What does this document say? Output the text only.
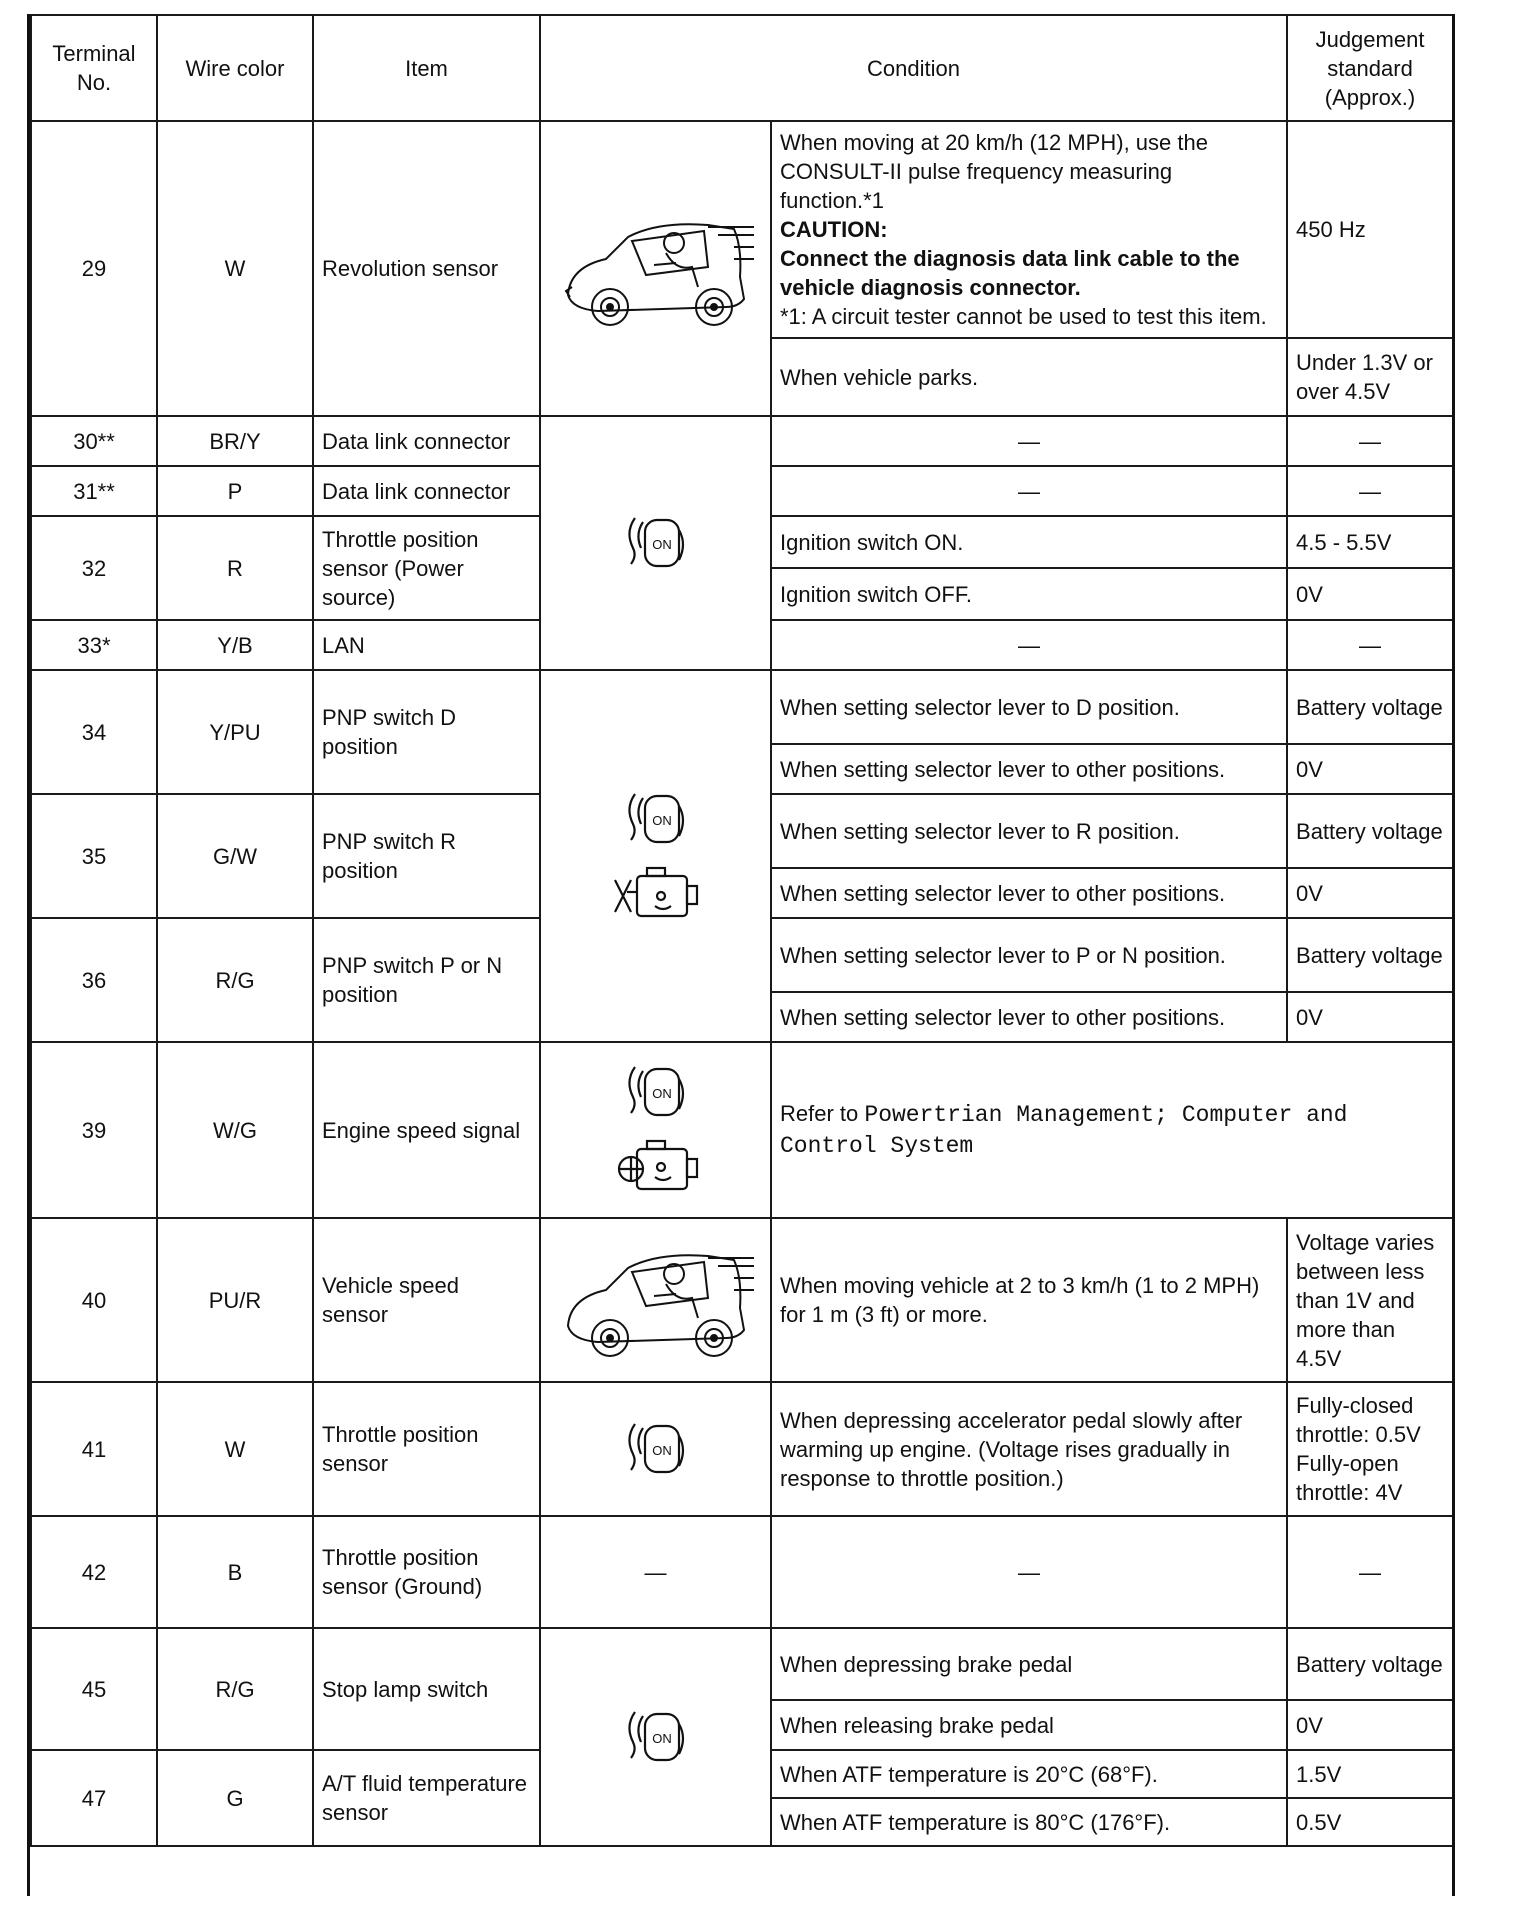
Terminal No.	Wire color	Item	Condition		Judgement standard (Approx.)
29	W	Revolution sensor		When moving at 20 km/h (12 MPH), use the CONSULT-II pulse frequency measuring function.*1
CAUTION:
Connect the diagnosis data link cable to the vehicle diagnosis connector.
*1: A circuit tester cannot be used to test this item.	450 Hz
				When vehicle parks.	Under 1.3V or over 4.5V
30**	BR/Y	Data link connector	ON	—	—
31**	P	Data link connector		—	—
32	R	Throttle position sensor (Power source)		Ignition switch ON.	4.5 - 5.5V
				Ignition switch OFF.	0V
33*	Y/B	LAN		—	—
34	Y/PU	PNP switch D position	ON	When setting selector lever to D position.	Battery voltage
				When setting selector lever to other positions.	0V
35	G/W	PNP switch R position		When setting selector lever to R position.	Battery voltage
				When setting selector lever to other positions.	0V
36	R/G	PNP switch P or N position		When setting selector lever to P or N position.	Battery voltage
				When setting selector lever to other positions.	0V
39	W/G	Engine speed signal	ON	Refer to Powertrian Management; Computer and Control System	
40	PU/R	Vehicle speed sensor		When moving vehicle at 2 to 3 km/h (1 to 2 MPH) for 1 m (3 ft) or more.	Voltage varies between less than 1V and more than 4.5V
41	W	Throttle position sensor	ON	When depressing accelerator pedal slowly after warming up engine. (Voltage rises gradually in response to throttle position.)	Fully-closed throttle: 0.5V Fully-open throttle: 4V
42	B	Throttle position sensor (Ground)	—	—	—
45	R/G	Stop lamp switch	ON	When depressing brake pedal	Battery voltage
				When releasing brake pedal	0V
47	G	A/T fluid temperature sensor		When ATF temperature is 20°C (68°F).	1.5V
				When ATF temperature is 80°C (176°F).	0.5V
